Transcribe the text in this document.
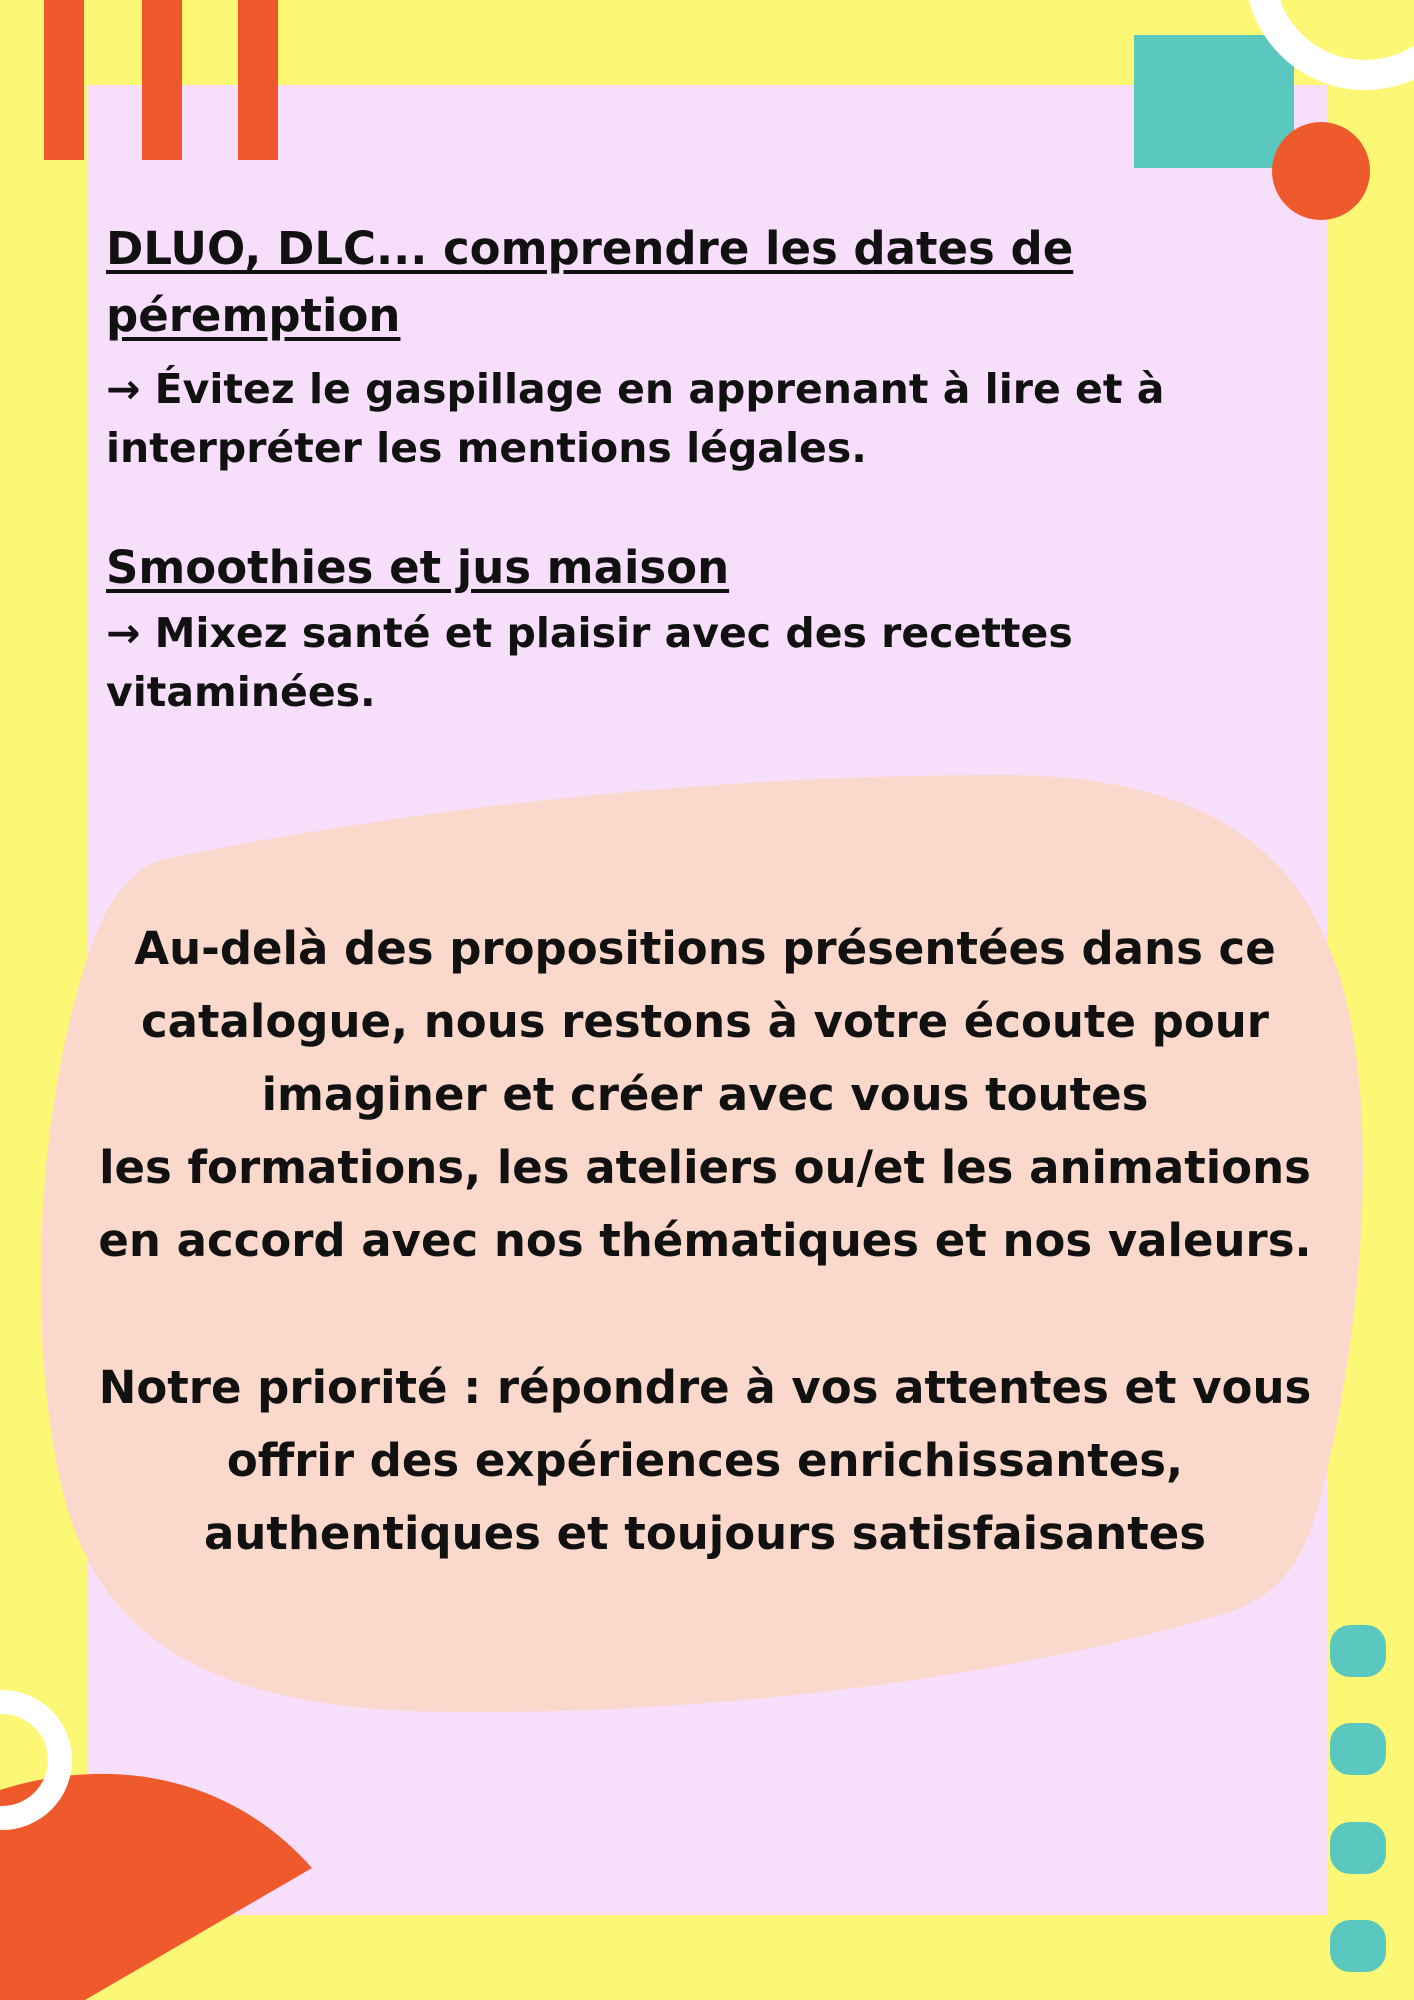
DLUO, DLC... comprendre les dates de péremption
→ Évitez le gaspillage en apprenant à lire et à interpréter les mentions légales.
Smoothies et jus maison
→ Mixez santé et plaisir avec des recettes vitaminées.
Au-delà des propositions présentées dans ce catalogue, nous restons à votre écoute pour imaginer et créer avec vous toutes
les formations, les ateliers ou/et les animations en accord avec nos thématiques et nos valeurs.
Notre priorité : répondre à vos attentes et vous offrir des expériences enrichissantes, authentiques et toujours satisfaisantes
